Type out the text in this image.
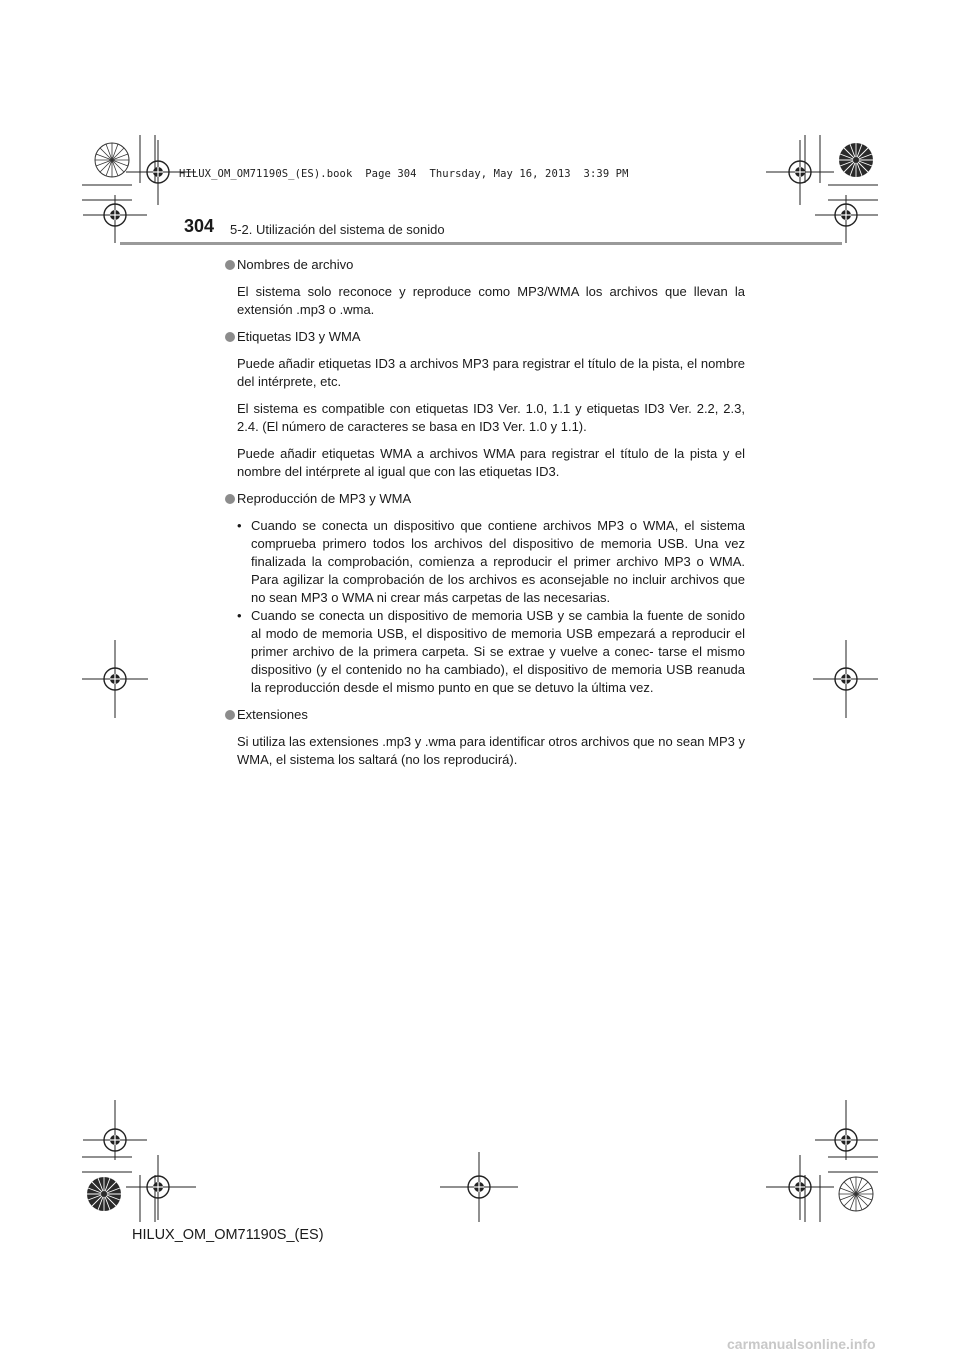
HILUX_OM_OM71190S_(ES).book  Page 304  Thursday, May 16, 2013  3:39 PM
304 5-2. Utilización del sistema de sonido
Nombres de archivo

El sistema solo reconoce y reproduce como MP3/WMA los archivos que llevan la extensión .mp3 o .wma.

Etiquetas ID3 y WMA

Puede añadir etiquetas ID3 a archivos MP3 para registrar el título de la pista, el nombre del intérprete, etc.

El sistema es compatible con etiquetas ID3 Ver. 1.0, 1.1 y etiquetas ID3 Ver. 2.2, 2.3, 2.4. (El número de caracteres se basa en ID3 Ver. 1.0 y 1.1).

Puede añadir etiquetas WMA a archivos WMA para registrar el título de la pista y el nombre del intérprete al igual que con las etiquetas ID3.

Reproducción de MP3 y WMA
• Cuando se conecta un dispositivo que contiene archivos MP3 o WMA, el sistema comprueba primero todos los archivos del dispositivo de memoria USB. Una vez finalizada la comprobación, comienza a reproducir el primer archivo MP3 o WMA. Para agilizar la comprobación de los archivos es aconsejable no incluir archivos que no sean MP3 o WMA ni crear más carpetas de las necesarias.
• Cuando se conecta un dispositivo de memoria USB y se cambia la fuente de sonido al modo de memoria USB, el dispositivo de memoria USB empezará a reproducir el primer archivo de la primera carpeta. Si se extrae y vuelve a conec- tarse el mismo dispositivo (y el contenido no ha cambiado), el dispositivo de memoria USB reanuda la reproducción desde el mismo punto en que se detuvo la última vez.
Extensiones

Si utiliza las extensiones .mp3 y .wma para identificar otros archivos que no sean MP3 y WMA, el sistema los saltará (no los reproducirá).

HILUX_OM_OM71190S_(ES)
carmanualsonline.info
